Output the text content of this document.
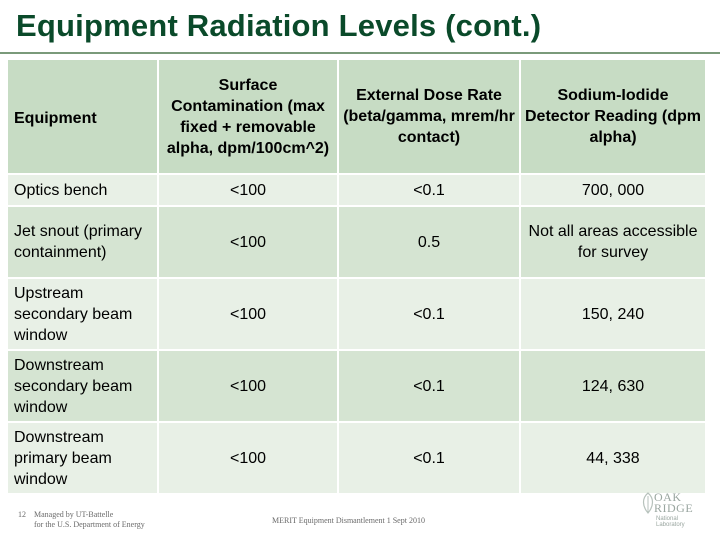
Equipment Radiation Levels (cont.)
Equipment	Surface Contamination (max fixed + removable alpha, dpm/100cm^2)	External Dose Rate (beta/gamma, mrem/hr contact)	Sodium-Iodide Detector Reading (dpm alpha)
Optics bench	<100	<0.1	700, 000
Jet snout (primary containment)	<100	0.5	Not all areas accessible for survey
Upstream secondary beam window	<100	<0.1	150, 240
Downstream secondary beam window	<100	<0.1	124, 630
Downstream primary beam window	<100	<0.1	44, 338
12 Managed by UT-Battelle
for the U.S. Department of Energy	MERIT Equipment Dismantlement 1 Sept 2010
OAK
RIDGE
National Laboratory
